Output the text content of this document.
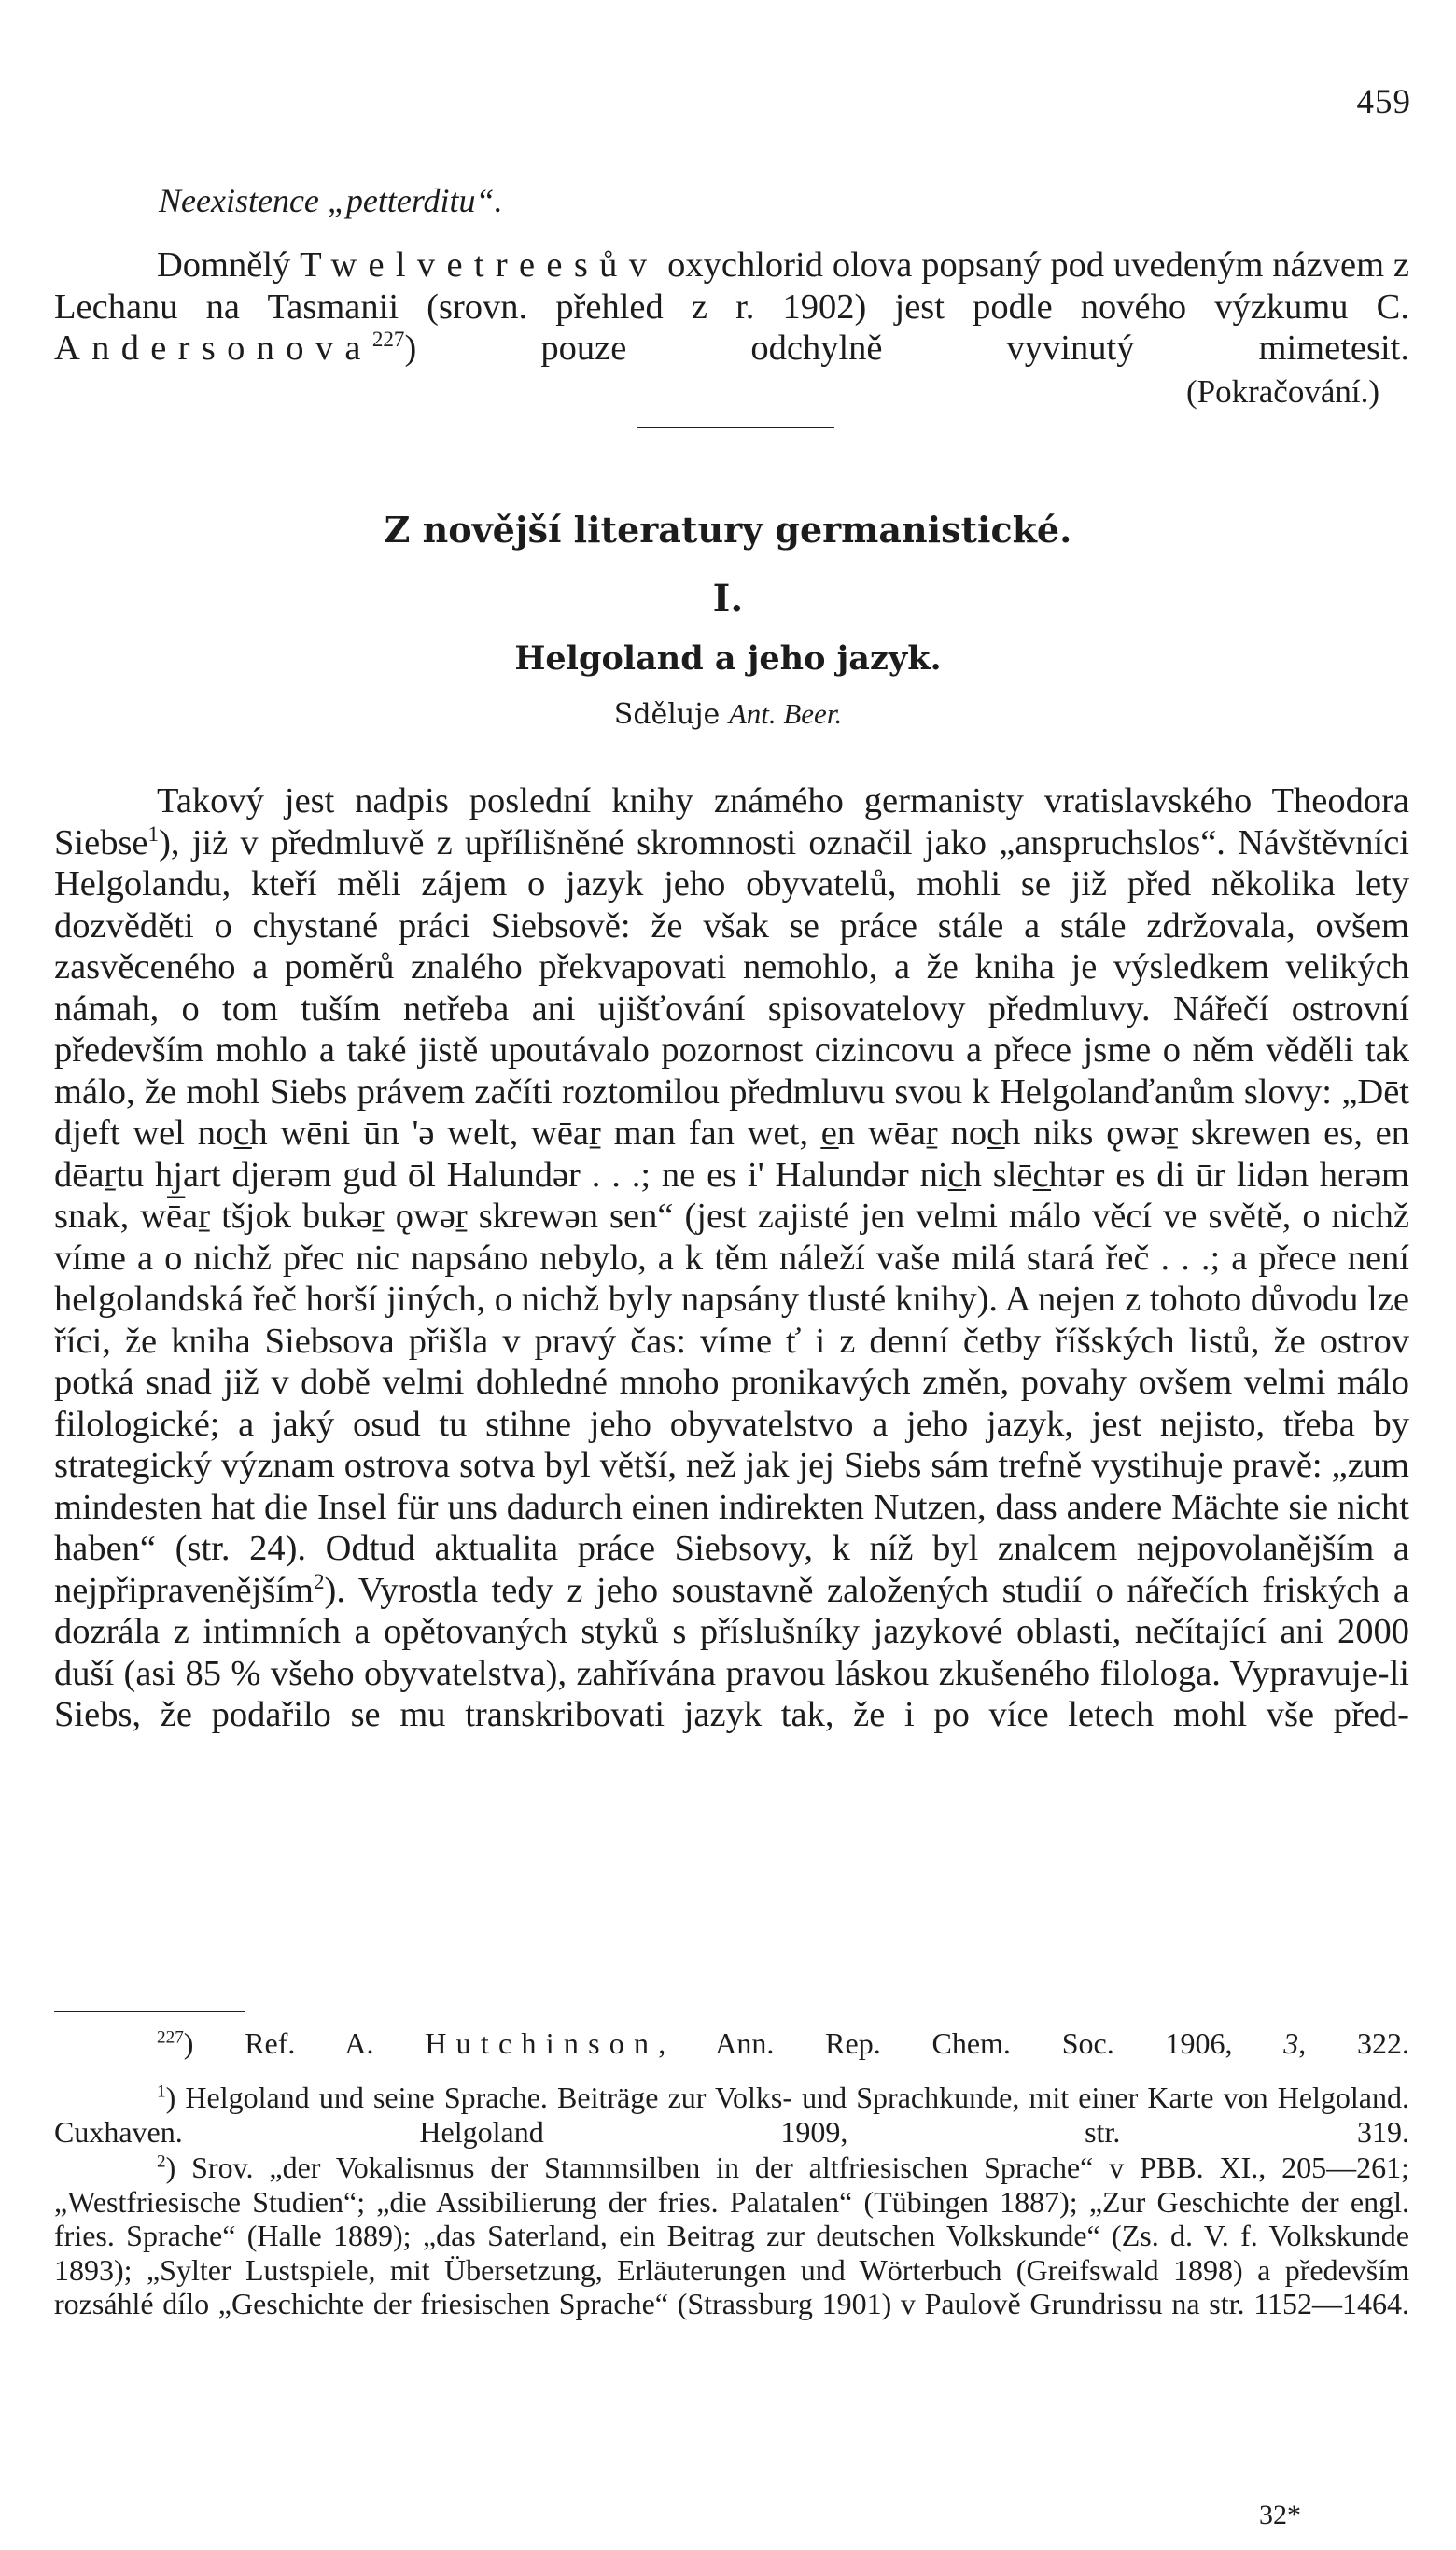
459
Neexistence „petterditu“.

Domnělý Twelvetreesův oxychlorid olova popsaný pod uvedeným názvem z Lechanu na Tasmanii (srovn. přehled z r. 1902) jest podle nového výzkumu C. Andersonova$^{227}$) pouze odchylně vyvinutý mimetesit.

(Pokračování.)
Z novější literatury germanistické.
I.
Helgoland a jeho jazyk.
Sděluje Ant. Beer.

Takový jest nadpis poslední knihy známého germanisty vratislavského Theodora Siebse$^1$), jiż v předmluvě z upřílišněné skromnosti označil jako „anspruchslos“. Návštěvníci Helgolandu, kteří měli zájem o jazyk jeho obyvatelů, mohli se již před několika lety dozvěděti o chystané práci Siebsově: že však se práce stále a stále zdržovala, ovšem zasvěceného a poměrů znalého překvapovati nemohlo, a že kniha je výsledkem velikých námah, o tom tuším netřeba ani ujišťování spisovatelovy předmluvy. Nářečí ostrovní především mohlo a také jistě upoutávalo pozornost cizincovu a přece jsme o něm věděli tak málo, že mohl Siebs právem začíti roztomilou předmluvu svou k Helgolanďanům slovy: „Dēt djeft wel noc̲h wēni ūn 'ə welt, wēaṟ man fan wet, e̲n wēaṟ noc̲h niks ǫwəṟ skrewen es, en dēaṟtu hj̲art djerəm gud ōl Halundər . . .; ne es i' Halundər nic̲h slēc̲htər es di ūr lidən herəm snak, wēaṟ tšjok bukəṟ ǫwəṟ skrewən sen“ (jest zajisté jen velmi málo věcí ve světě, o nichž víme a o nichž přec nic napsáno nebylo, a k těm náleží vaše milá stará řeč . . .; a přece není helgolandská řeč horší jiných, o nichž byly napsány tlusté knihy). A nejen z tohoto důvodu lze říci, že kniha Siebsova přišla v pravý čas: víme ť i z denní četby říšských listů, že ostrov potká snad již v době velmi dohledné mnoho pronikavých změn, povahy ovšem velmi málo filologické; a jaký osud tu stihne jeho obyvatelstvo a jeho jazyk, jest nejisto, třeba by strategický význam ostrova sotva byl větší, než jak jej Siebs sám trefně vystihuje pravě: „zum mindesten hat die Insel für uns dadurch einen indirekten Nutzen, dass andere Mächte sie nicht haben“ (str. 24). Odtud aktualita práce Siebsovy, k níž byl znalcem nejpovolanějším a nejpřipravenějším$^2$). Vyrostla tedy z jeho soustavně založených studií o nářečích friských a dozrála z intimních a opětovaných styků s příslušníky jazykové oblasti, nečítající ani 2000 duší (asi 85 % všeho obyvatelstva), zahřívána pravou láskou zkušeného filologa. Vypravuje-li Siebs, že podařilo se mu transkribovati jazyk tak, že i po více letech mohl vše před-

$^{227}$) Ref. A. Hutchinson, Ann. Rep. Chem. Soc. 1906, 3, 322.

$^1$) Helgoland und seine Sprache. Beiträge zur Volks- und Sprachkunde, mit einer Karte von Helgoland. Cuxhaven. Helgoland 1909, str. 319.

$^2$) Srov. „der Vokalismus der Stammsilben in der altfriesischen Sprache“ v PBB. XI., 205—261; „Westfriesische Studien“; „die Assibilierung der fries. Palatalen“ (Tübingen 1887); „Zur Geschichte der engl. fries. Sprache“ (Halle 1889); „das Saterland, ein Beitrag zur deutschen Volkskunde“ (Zs. d. V. f. Volkskunde 1893); „Sylter Lustspiele, mit Übersetzung, Erläuterungen und Wörterbuch (Greifswald 1898) a především rozsáhlé dílo „Geschichte der friesischen Sprache“ (Strassburg 1901) v Paulově Grundrissu na str. 1152—1464.

32*
